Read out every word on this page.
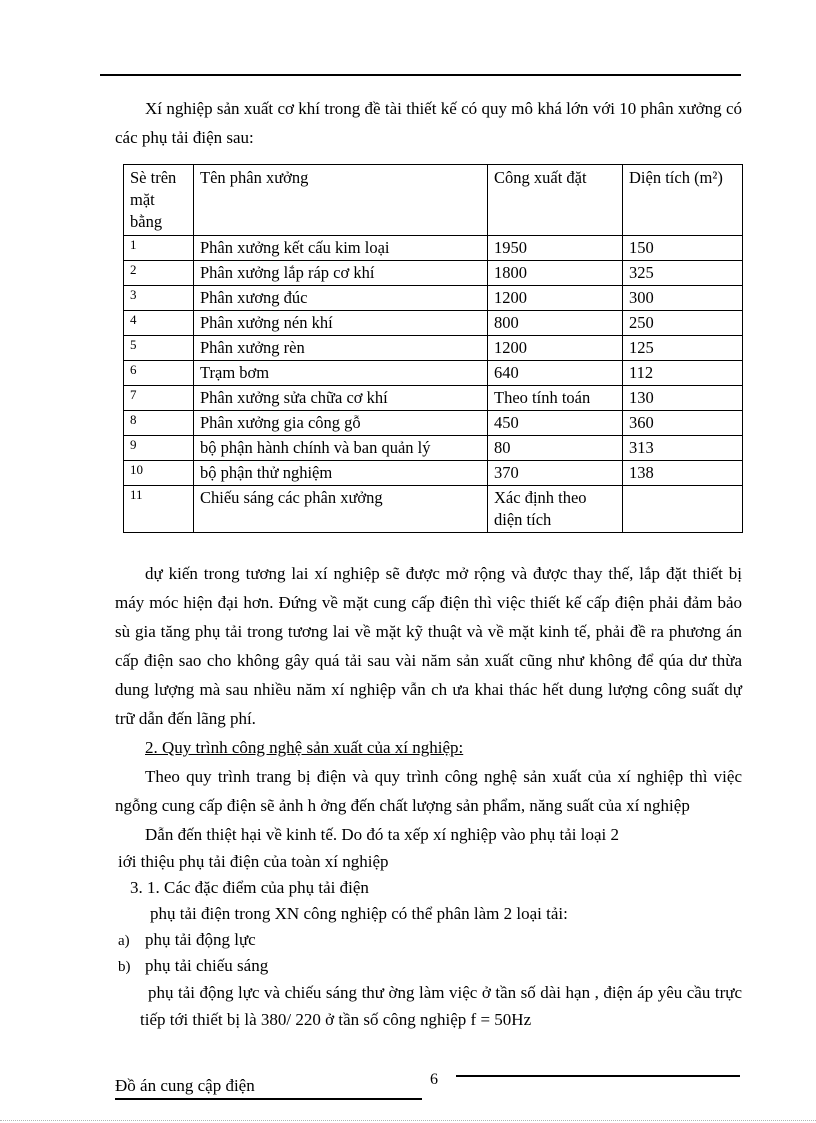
Xí nghiệp sản xuất cơ khí trong đề tài thiết kế có quy mô khá lớn với 10 phân xưởng có các phụ tải điện sau:

Sè trên mặt bằng	Tên phân xưởng	Công xuất đặt	Diện tích (m²)
1	Phân xưởng kết cấu kim loại	1950	150
2	Phân xưởng lắp ráp cơ khí	1800	325
3	Phân xương đúc	1200	300
4	Phân xưởng nén khí	800	250
5	Phân xưởng rèn	1200	125
6	Trạm bơm	640	112
7	Phân xưởng sửa chữa cơ khí	Theo tính toán	130
8	Phân xưởng gia công gỗ	450	360
9	bộ phận hành chính và ban quản lý	80	313
10	bộ phận thử nghiệm	370	138
11	Chiếu sáng các phân xưởng	Xác định theo diện tích	

dự kiến trong tương lai xí nghiệp sẽ được mở rộng và được thay thế, lắp đặt thiết bị máy móc hiện đại hơn. Đứng về mặt cung cấp điện thì việc thiết kế cấp điện phải đảm bảo sù gia tăng phụ tải trong tương lai về mặt kỹ thuật và về mặt kinh tế, phải đề ra phương án cấp điện sao cho không gây quá tải sau vài năm sản xuất cũng như không để qúa dư thừa dung lượng mà sau nhiều năm xí nghiệp vẫn ch ưa khai thác hết dung lượng công suất dự trữ dẫn đến lãng phí.

2. Quy trình công nghệ sản xuất của xí nghiệp:

Theo quy trình trang bị điện và quy trình công nghệ sản xuất của xí nghiệp thì việc ngỗng cung cấp điện sẽ ảnh h ởng đến chất lượng sản phẩm, năng suất của xí nghiệp

Dẫn đến thiệt hại về kinh tế. Do đó ta xếp xí nghiệp vào phụ tải loại 2

iới thiệu phụ tải điện của toàn xí nghiệp

3. 1. Các đặc điểm của phụ tải điện

phụ tải điện trong XN công nghiệp có thể phân làm 2 loại tải:

a) phụ tải động lực
b) phụ tải chiếu sáng

phụ tải động lực và chiếu sáng thư ờng làm việc ở tần số dài hạn , điện áp yêu cầu trực tiếp tới thiết bị là 380/ 220 ở tần số công nghiệp f = 50Hz

Đồ án cung cập điện	6
